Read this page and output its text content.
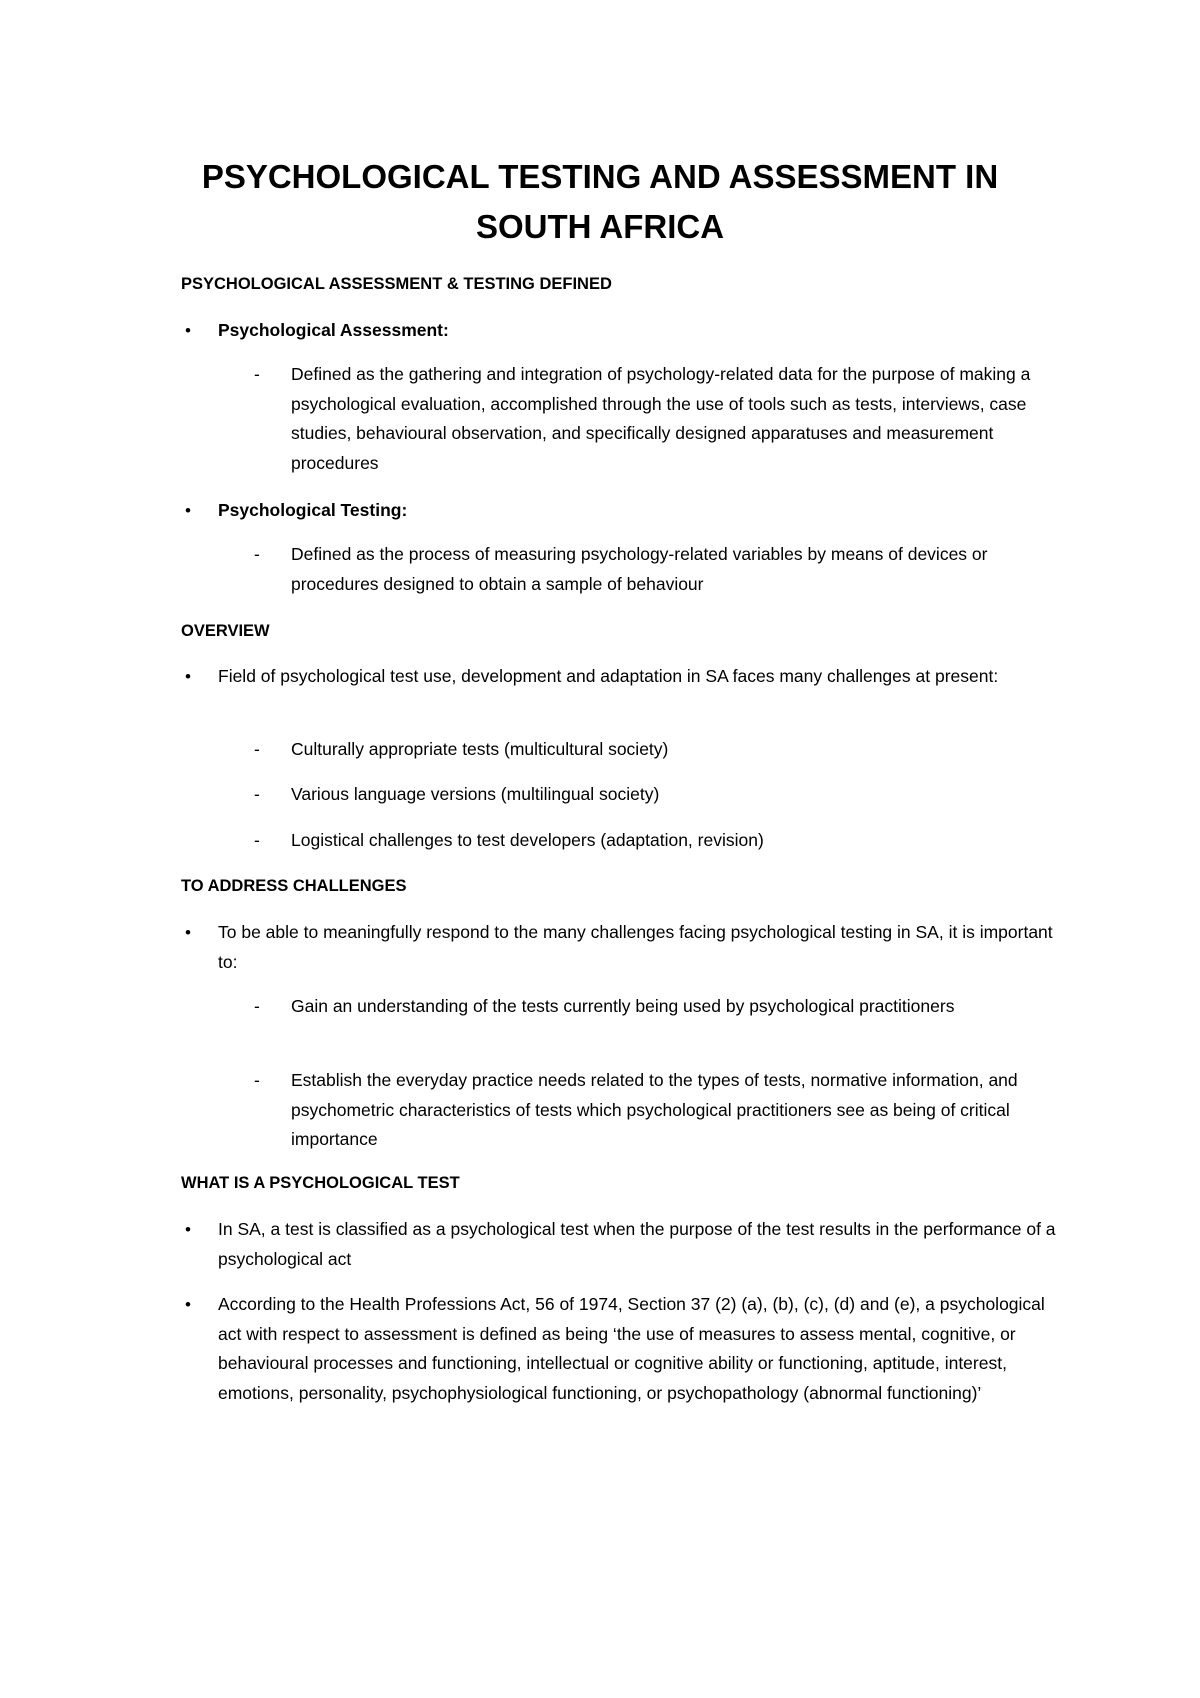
PSYCHOLOGICAL TESTING AND ASSESSMENT IN
SOUTH AFRICA
PSYCHOLOGICAL ASSESSMENT & TESTING DEFINED
• Psychological Assessment:
- Defined as the gathering and integration of psychology-related data for the purpose of making a psychological evaluation, accomplished through the use of tools such as tests, interviews, case studies, behavioural observation, and specifically designed apparatuses and measurement procedures
• Psychological Testing:
- Defined as the process of measuring psychology-related variables by means of devices or procedures designed to obtain a sample of behaviour
OVERVIEW
• Field of psychological test use, development and adaptation in SA faces many challenges at present:
- Culturally appropriate tests (multicultural society)
- Various language versions (multilingual society)
- Logistical challenges to test developers (adaptation, revision)
TO ADDRESS CHALLENGES
• To be able to meaningfully respond to the many challenges facing psychological testing in SA, it is important to:
- Gain an understanding of the tests currently being used by psychological practitioners
- Establish the everyday practice needs related to the types of tests, normative information, and psychometric characteristics of tests which psychological practitioners see as being of critical importance
WHAT IS A PSYCHOLOGICAL TEST
• In SA, a test is classified as a psychological test when the purpose of the test results in the performance of a psychological act
• According to the Health Professions Act, 56 of 1974, Section 37 (2) (a), (b), (c), (d) and (e), a psychological act with respect to assessment is defined as being ‘the use of measures to assess mental, cognitive, or behavioural processes and functioning, intellectual or cognitive ability or functioning, aptitude, interest, emotions, personality, psychophysiological functioning, or psychopathology (abnormal functioning)’
